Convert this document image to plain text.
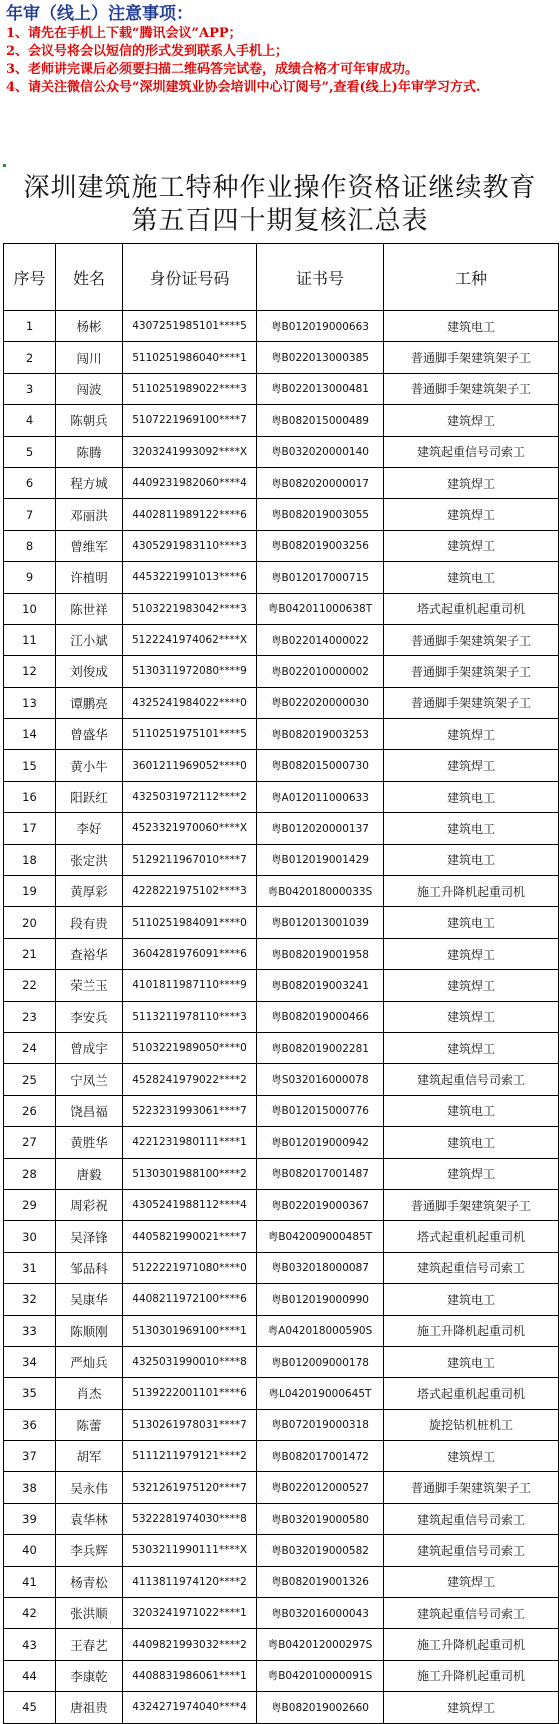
年审（线上）注意事项：

1、请先在手机上下载“腾讯会议”APP；

2、会议号将会以短信的形式发到联系人手机上；

3、老师讲完课后必须要扫描二维码答完试卷，成绩合格才可年审成功。

4、请关注微信公众号“深圳建筑业协会培训中心订阅号”,查看(线上)年审学习方式.

深圳建筑施工特种作业操作资格证继续教育
第五百四十期复核汇总表
序号	姓名	身份证号码	证书号	工种
1	杨彬	4307251985101****5	粤B012019000663	建筑电工
2	闯川	5110251986040****1	粤B022013000385	普通脚手架建筑架子工
3	闯波	5110251989022****3	粤B022013000481	普通脚手架建筑架子工
4	陈朝兵	5107221969100****7	粤B082015000489	建筑焊工
5	陈腾	3203241993092****X	粤B032020000140	建筑起重信号司索工
6	程方城	4409231982060****4	粤B082020000017	建筑焊工
7	邓丽洪	4402811989122****6	粤B082019003055	建筑焊工
8	曾维军	4305291983110****3	粤B082019003256	建筑焊工
9	许植明	4453221991013****6	粤B012017000715	建筑电工
10	陈世祥	5103221983042****3	粤B042011000638T	塔式起重机起重司机
11	江小斌	5122241974062****X	粤B022014000022	普通脚手架建筑架子工
12	刘俊成	5130311972080****9	粤B022010000002	普通脚手架建筑架子工
13	谭鹏亮	4325241984022****0	粤B022020000030	普通脚手架建筑架子工
14	曾盛华	5110251975101****5	粤B082019003253	建筑焊工
15	黄小牛	3601211969052****0	粤B082015000730	建筑焊工
16	阳跃红	4325031972112****2	粤A012011000633	建筑电工
17	李好	4523321970060****X	粤B012020000137	建筑电工
18	张定洪	5129211967010****7	粤B012019001429	建筑电工
19	黄厚彩	4228221975102****3	粤B042018000033S	施工升降机起重司机
20	段有贵	5110251984091****0	粤B012013001039	建筑电工
21	查裕华	3604281976091****6	粤B082019001958	建筑焊工
22	荣兰玉	4101811987110****9	粤B082019003241	建筑焊工
23	李安兵	5113211978110****3	粤B082019000466	建筑焊工
24	曾成宇	5103221989050****0	粤B082019002281	建筑焊工
25	宁凤兰	4528241979022****2	粤S032016000078	建筑起重信号司索工
26	饶昌福	5223231993061****7	粤B012015000776	建筑电工
27	黄胜华	4221231980111****1	粤B012019000942	建筑电工
28	唐毅	5130301988100****2	粤B082017001487	建筑焊工
29	周彩祝	4305241988112****4	粤B022019000367	普通脚手架建筑架子工
30	吴泽锋	4405821990021****7	粤B042009000485T	塔式起重机起重司机
31	邹品科	5122221971080****0	粤B032018000087	建筑起重信号司索工
32	吴康华	4408211972100****6	粤B012019000990	建筑电工
33	陈顺刚	5130301969100****1	粤A042018000590S	施工升降机起重司机
34	严灿兵	4325031990010****8	粤B012009000178	建筑电工
35	肖杰	5139222001101****6	粤L042019000645T	塔式起重机起重司机
36	陈蕾	5130261978031****7	粤B072019000318	旋挖钻机桩机工
37	胡军	5111211979121****2	粤B082017001472	建筑焊工
38	吴永伟	5321261975120****7	粤B022012000527	普通脚手架建筑架子工
39	袁华林	5322281974030****8	粤B032019000580	建筑起重信号司索工
40	李兵辉	5303211990111****X	粤B032019000582	建筑起重信号司索工
41	杨青松	4113811974120****2	粤B082019001326	建筑焊工
42	张洪顺	3203241971022****1	粤B032016000043	建筑起重信号司索工
43	王春艺	4409821993032****2	粤B042012000297S	施工升降机起重司机
44	李康乾	4408831986061****1	粤B042010000091S	施工升降机起重司机
45	唐祖贵	4324271974040****4	粤B082019002660	建筑焊工
